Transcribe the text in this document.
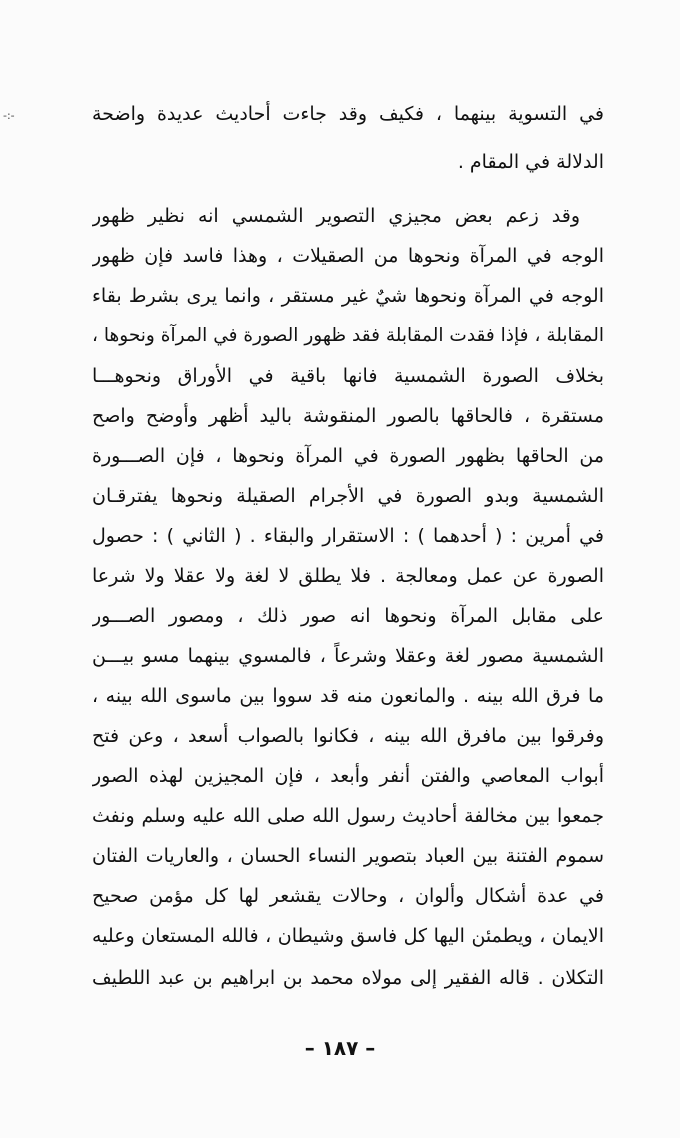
-:-	في التسوية بينهما ، فكيف وقد جاءت أحاديث عديدة واضحة
الدلالة في المقام .
وقد زعم بعض مجيزي التصوير الشمسي انه نظير ظهور
الوجه في المرآة ونحوها من الصقيلات ، وهذا فاسد فإن ظهور
الوجه في المرآة ونحوها شيٌ غير مستقر ، وانما يرى بشرط بقاء
المقابلة ، فإذا فقدت المقابلة فقد ظهور الصورة في المرآة ونحوها ،
بخلاف الصورة الشمسية فانها باقية في الأوراق ونحوهـــا
مستقرة ، فالحاقها بالصور المنقوشة باليد أظهر وأوضح واصح
من الحاقها بظهور الصورة في المرآة ونحوها ، فإن الصـــورة
الشمسية وبدو الصورة في الأجرام الصقيلة ونحوها يفترقـان
في أمرين : ( أحدهما ) : الاستقرار والبقاء . ( الثاني ) : حصول
الصورة عن عمل ومعالجة . فلا يطلق لا لغة ولا عقلا ولا شرعا
على مقابل المرآة ونحوها انه صور ذلك ، ومصور الصـــور
الشمسية مصور لغة وعقلا وشرعاً ، فالمسوي بينهما مسو بيـــن
ما فرق الله بينه . والمانعون منه قد سووا بين ماسوى الله بينه ،
وفرقوا بين مافرق الله بينه ، فكانوا بالصواب أسعد ، وعن فتح
أبواب المعاصي والفتن أنفر وأبعد ، فإن المجيزين لهذه الصور
جمعوا بين مخالفة أحاديث رسول الله صلى الله عليه وسلم ونفث
سموم الفتنة بين العباد بتصوير النساء الحسان ، والعاريات الفتان
في عدة أشكال وألوان ، وحالات يقشعر لها كل مؤمن صحيح
الايمان ، ويطمئن اليها كل فاسق وشيطان ، فالله المستعان وعليه
التكلان . قاله الفقير إلى مولاه محمد بن ابراهيم بن عبد اللطيف
– ١٨٧ –
